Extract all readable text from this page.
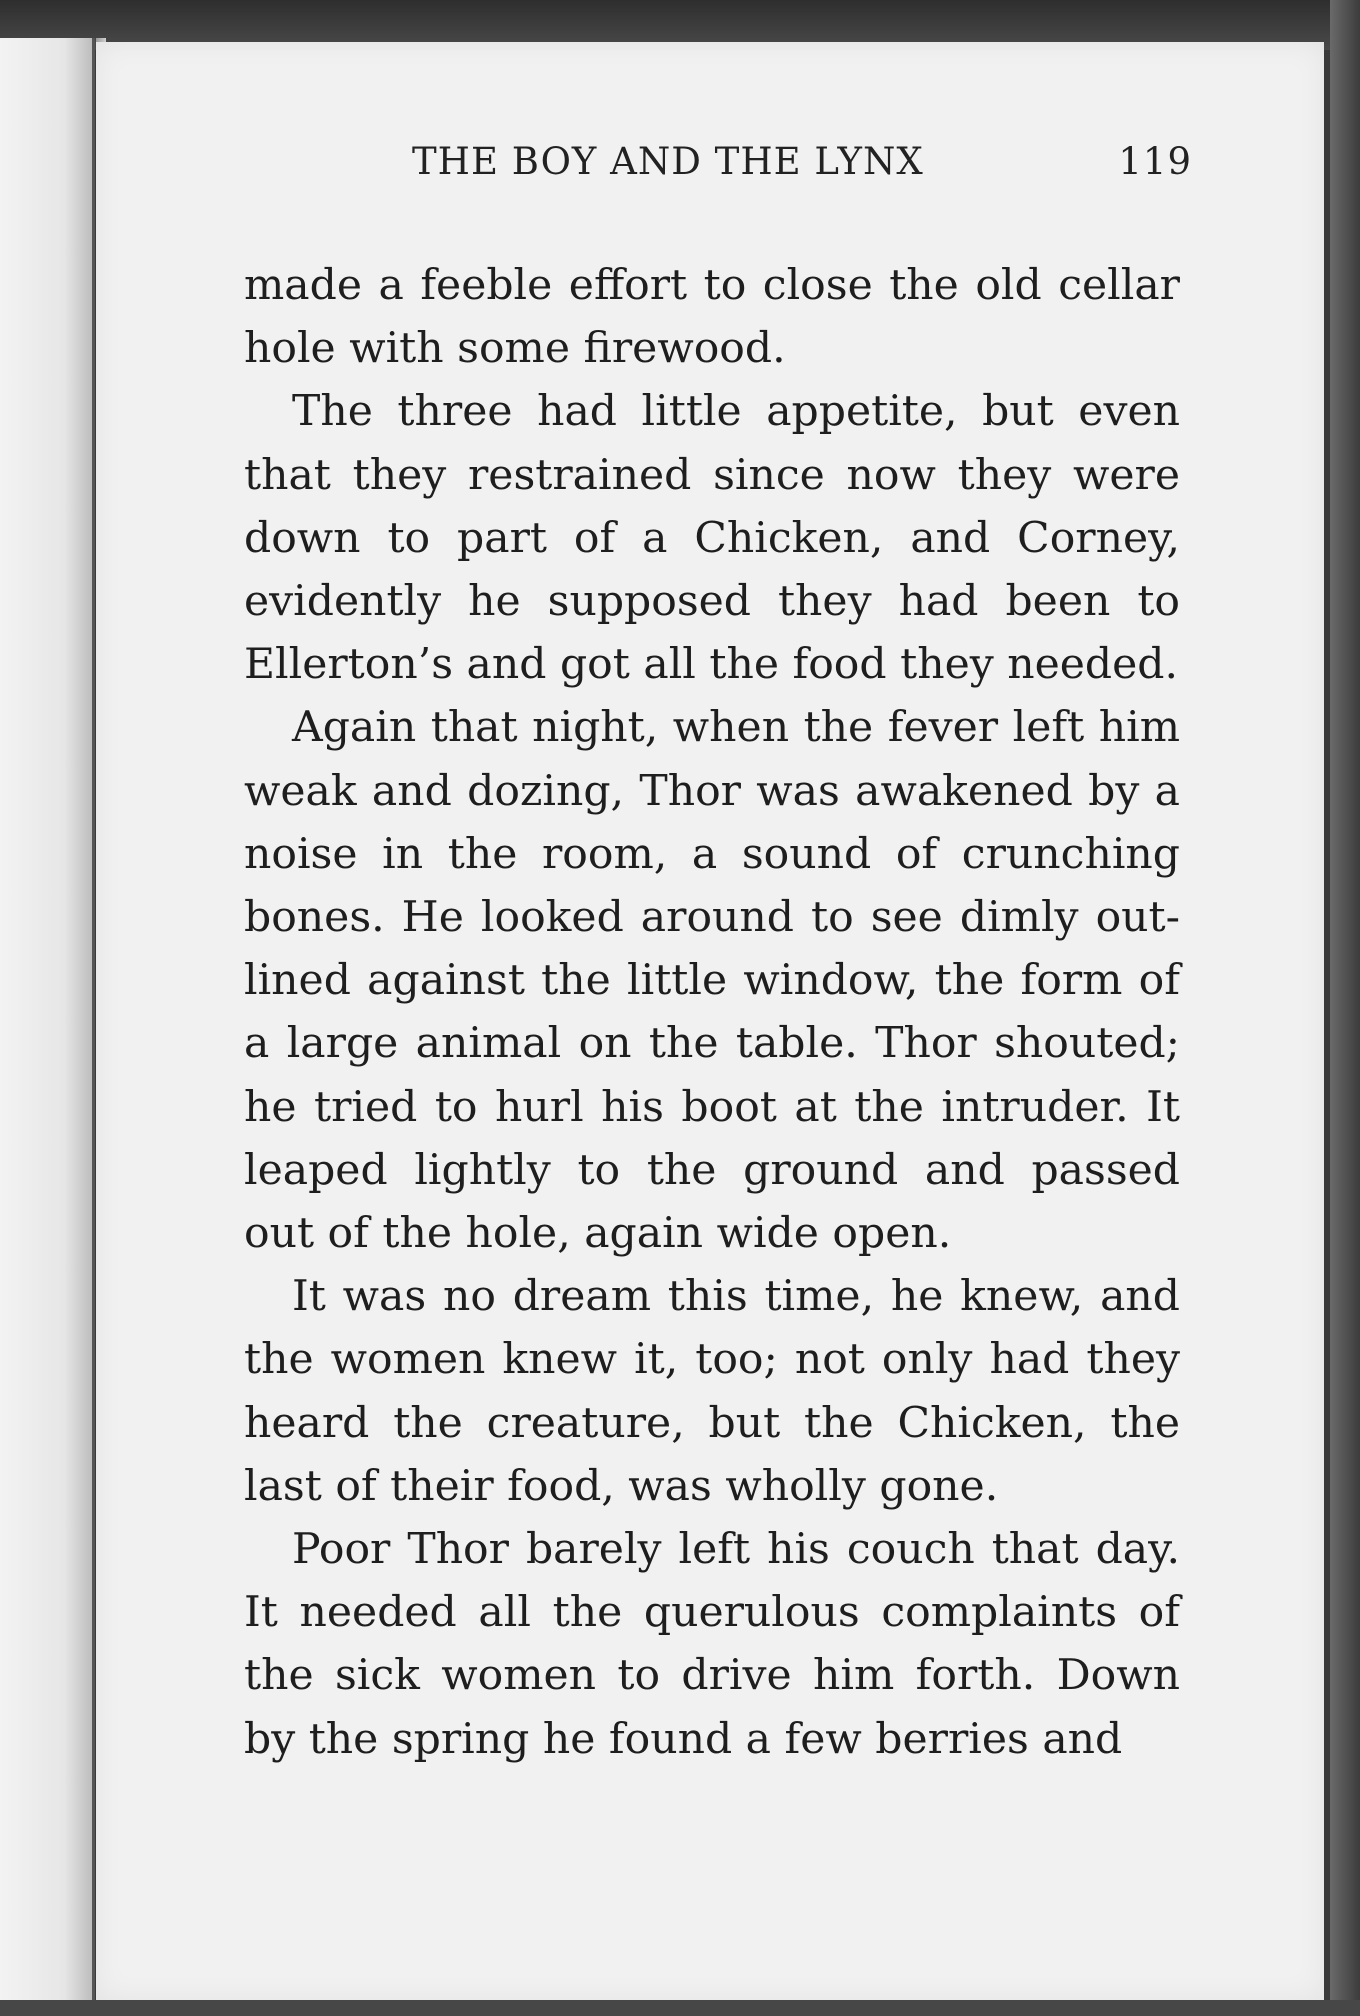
THE BOY AND THE LYNX	119

made a feeble effort to close the old cellar hole with some firewood.

The three had little appetite, but even that they restrained since now they were down to part of a Chicken, and Corney, evidently he supposed they had been to Ellerton’s and got all the food they needed.

Again that night, when the fever left him weak and dozing, Thor was awakened by a noise in the room, a sound of crunching bones. He looked around to see dimly out-lined against the little window, the form of a large animal on the table. Thor shouted; he tried to hurl his boot at the intruder. It leaped lightly to the ground and passed out of the hole, again wide open.

It was no dream this time, he knew, and the women knew it, too; not only had they heard the creature, but the Chicken, the last of their food, was wholly gone.

Poor Thor barely left his couch that day. It needed all the querulous complaints of the sick women to drive him forth. Down by the spring he found a few berries and
